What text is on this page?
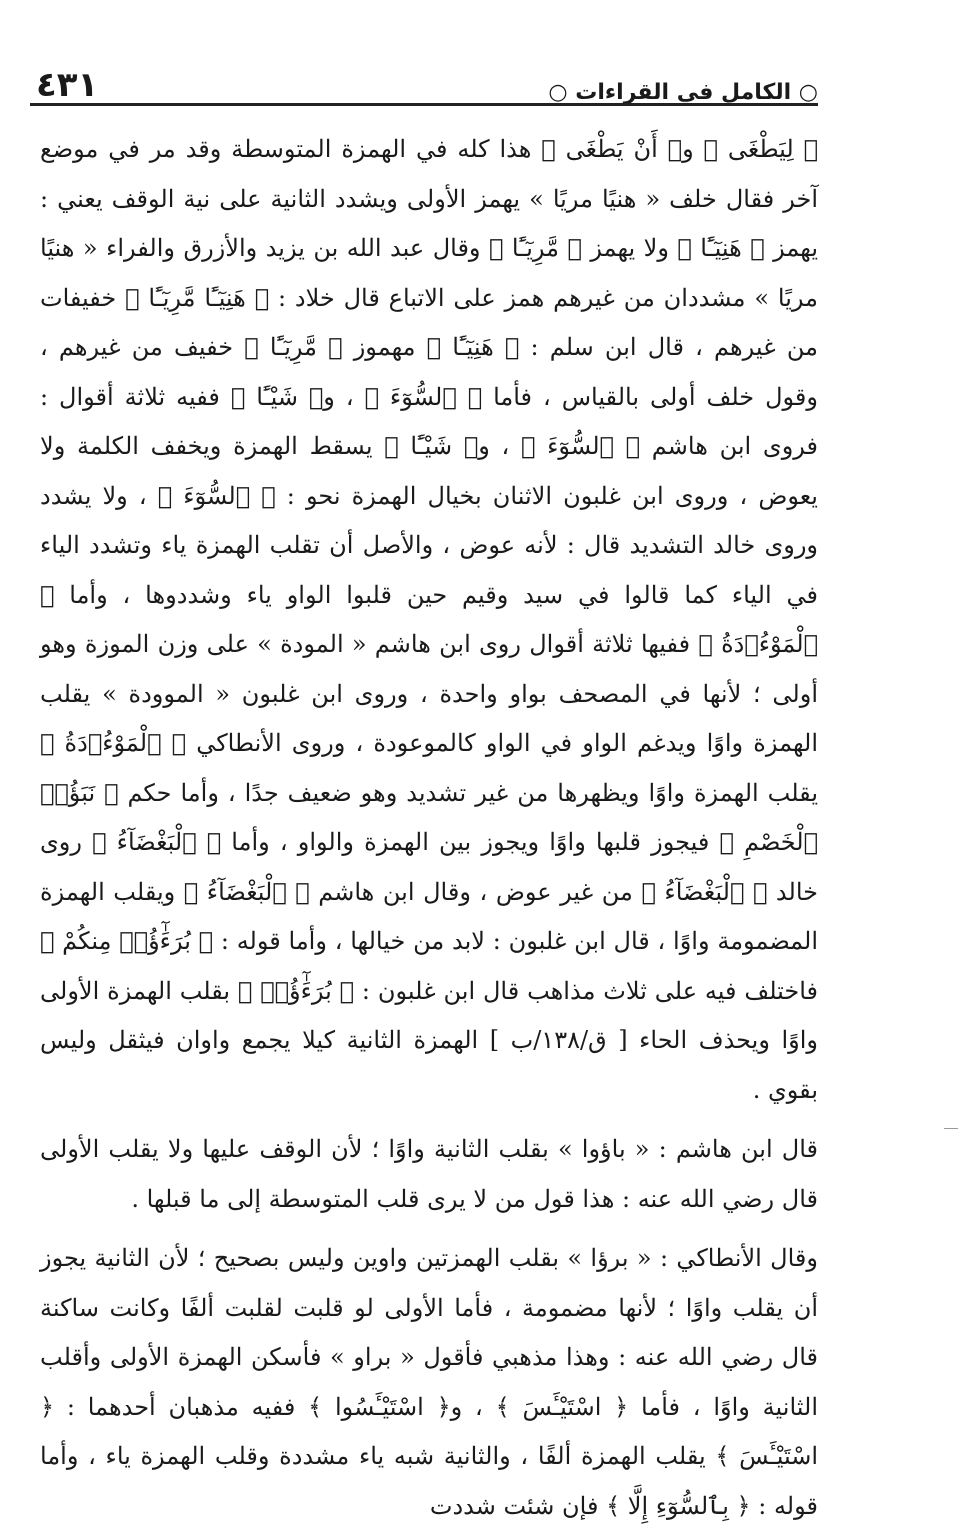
٤٣١	○ الكامل في القراءات ○

﴿ لِيَطْغَى ﴾ و﴿ أَنْ يَطْغَى ﴾ هذا كله في الهمزة المتوسطة وقد مر في موضع آخر فقال خلف « هنيًا مريًا » يهمز الأولى ويشدد الثانية على نية الوقف يعني : يهمز ﴿ هَنِيٓـًٔا ﴾ ولا يهمز ﴿ مَّرِيٓـًٔا ﴾ وقال عبد الله بن يزيد والأزرق والفراء « هنيًا مريًا » مشددان من غيرهم همز على الاتباع قال خلاد : ﴿ هَنِيٓـًٔا مَّرِيٓـًٔا ﴾ خفيفات من غيرهم ، قال ابن سلم : ﴿ هَنِيٓـًٔا ﴾ مهموز ﴿ مَّرِيٓـًٔا ﴾ خفيف من غيرهم ، وقول خلف أولى بالقياس ، فأما ﴿ ٱلسُّوٓءَ ﴾ ، و﴿ شَيْـًٔا ﴾ ففيه ثلاثة أقوال : فروى ابن هاشم ﴿ ٱلسُّوٓءَ ﴾ ، و﴿ شَيْـًٔا ﴾ يسقط الهمزة ويخفف الكلمة ولا يعوض ، وروى ابن غلبون الاثنان بخيال الهمزة نحو : ﴿ ٱلسُّوٓءَ ﴾ ، ولا يشدد وروى خالد التشديد قال : لأنه عوض ، والأصل أن تقلب الهمزة ياء وتشدد الياء في الياء كما قالوا في سيد وقيم حين قلبوا الواو ياء وشددوها ، وأما ﴿ ٱلْمَوْءُۥدَةُ ﴾ ففيها ثلاثة أقوال روى ابن هاشم « المودة » على وزن الموزة وهو أولى ؛ لأنها في المصحف بواو واحدة ، وروى ابن غلبون « الموودة » يقلب الهمزة واوًا ويدغم الواو في الواو كالموعودة ، وروى الأنطاكي ﴿ ٱلْمَوْءُۥدَةُ ﴾ يقلب الهمزة واوًا ويظهرها من غير تشديد وهو ضعيف جدًا ، وأما حكم ﴿ نَبَؤُا۟ ٱلْخَصْمِ ﴾ فيجوز قلبها واوًا ويجوز بين الهمزة والواو ، وأما ﴿ ٱلْبَغْضَآءُ ﴾ روى خالد ﴿ ٱلْبَغْضَآءُ ﴾ من غير عوض ، وقال ابن هاشم ﴿ ٱلْبَغْضَآءُ ﴾ ويقلب الهمزة المضمومة واوًا ، قال ابن غلبون : لابد من خيالها ، وأما قوله : ﴿ بُرَءَٰٓؤُا۟ مِنكُمْ ﴾ فاختلف فيه على ثلاث مذاهب قال ابن غلبون : ﴿ بُرَءَٰٓؤُا۟ ﴾ بقلب الهمزة الأولى واوًا ويحذف الحاء [ ق/١٣٨/ب ] الهمزة الثانية كيلا يجمع واوان فيثقل وليس بقوي .

قال ابن هاشم : « باؤوا » بقلب الثانية واوًا ؛ لأن الوقف عليها ولا يقلب الأولى قال رضي الله عنه : هذا قول من لا يرى قلب المتوسطة إلى ما قبلها .

وقال الأنطاكي : « برؤا » بقلب الهمزتين واوين وليس بصحيح ؛ لأن الثانية يجوز أن يقلب واوًا ؛ لأنها مضمومة ، فأما الأولى لو قلبت لقلبت ألفًا وكانت ساكنة قال رضي الله عنه : وهذا مذهبي فأقول « براو » فأسكن الهمزة الأولى وأقلب الثانية واوًا ، فأما ﴿ اسْتَيْـَٔسَ ﴾ ، و﴿ اسْتَيْـَٔسُوا ﴾ ففيه مذهبان أحدهما : ﴿ اسْتَيْـَٔسَ ﴾ يقلب الهمزة ألفًا ، والثانية شبه ياء مشددة وقلب الهمزة ياء ، وأما قوله : ﴿ بِٱلسُّوٓءِ إِلَّا ﴾ فإن شئت شددت
